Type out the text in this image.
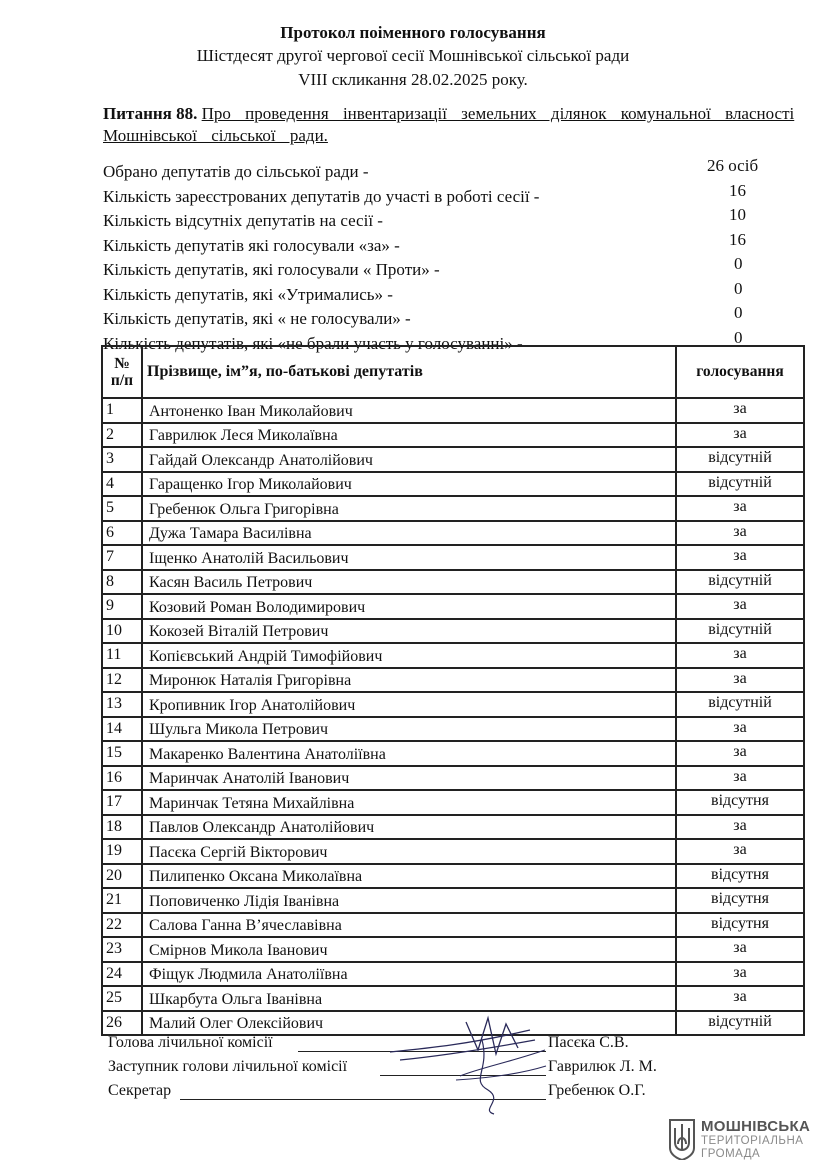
Протокол поіменного голосування
Шістдесят другої чергової сесії Мошнівської сільської ради
VIII скликання 28.02.2025 року.
Питання 88. Про проведення інвентаризації земельних ділянок комунальної власності Мошнівської сільської ради.
Обрано депутатів до сільської ради -	26 осіб
Кількість зареєстрованих депутатів до участі в роботі сесії -	16
Кількість відсутніх депутатів на сесії -	10
Кількість депутатів які голосували «за» -	16
Кількість депутатів, які голосували « Проти» -	0
Кількість депутатів, які «Утримались» -	0
Кількість депутатів, які « не голосували» -	0
Кількість депутатів, які «не брали участь у голосуванні» -	0
№
п/п	Прізвище, ім”я, по-батькові депутатів	голосування
1	Антоненко Іван Миколайович	за
2	Гаврилюк Леся Миколаївна	за
3	Гайдай Олександр Анатолійович	відсутній
4	Гаращенко Ігор Миколайович	відсутній
5	Гребенюк Ольга Григорівна	за
6	Дужа Тамара Василівна	за
7	Іщенко Анатолій Васильович	за
8	Касян Василь Петрович	відсутній
9	Козовий Роман Володимирович	за
10	Кокозей Віталій Петрович	відсутній
11	Копієвський Андрій Тимофійович	за
12	Миронюк Наталія Григорівна	за
13	Кропивник Ігор Анатолійович	відсутній
14	Шульга Микола Петрович	за
15	Макаренко Валентина Анатоліївна	за
16	Маринчак Анатолій Іванович	за
17	Маринчак Тетяна Михайлівна	відсутня
18	Павлов Олександр Анатолійович	за
19	Пасєка Сергій Вікторович	за
20	Пилипенко Оксана Миколаївна	відсутня
21	Поповиченко Лідія Іванівна	відсутня
22	Салова Ганна В’ячеславівна	відсутня
23	Смірнов Микола Іванович	за
24	Фіщук Людмила Анатоліївна	за
25	Шкарбута Ольга Іванівна	за
26	Малий Олег Олексійович	відсутній
Голова лічильної комісії	Пасєка С.В.
Заступник голови лічильної комісії	Гаврилюк Л. М.
Секретар	Гребенюк О.Г.
МОШНІВСЬКА
ТЕРИТОРІАЛЬНА
ГРОМАДА
